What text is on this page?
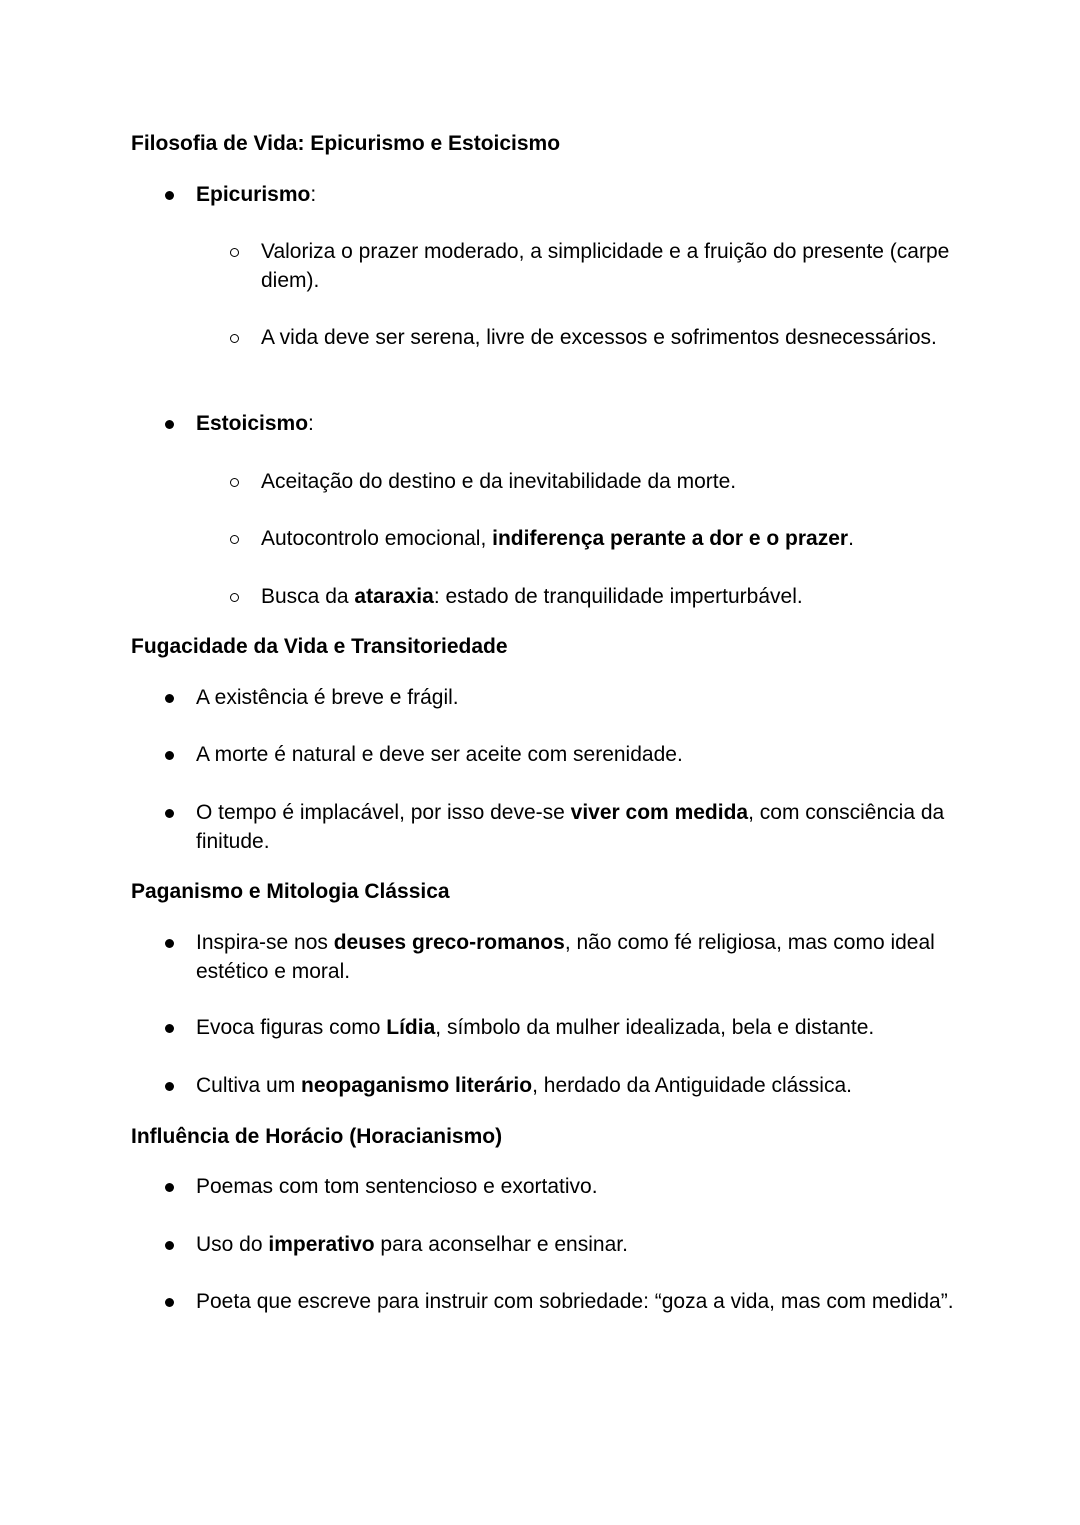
Filosofia de Vida: Epicurismo e Estoicismo

Epicurismo:

Valoriza o prazer moderado, a simplicidade e a fruição do presente (carpe diem).

A vida deve ser serena, livre de excessos e sofrimentos desnecessários.

Estoicismo:

Aceitação do destino e da inevitabilidade da morte.

Autocontrolo emocional, indiferença perante a dor e o prazer.

Busca da ataraxia: estado de tranquilidade imperturbável.

Fugacidade da Vida e Transitoriedade

A existência é breve e frágil.

A morte é natural e deve ser aceite com serenidade.

O tempo é implacável, por isso deve-se viver com medida, com consciência da finitude.

Paganismo e Mitologia Clássica

Inspira-se nos deuses greco-romanos, não como fé religiosa, mas como ideal estético e moral.

Evoca figuras como Lídia, símbolo da mulher idealizada, bela e distante.

Cultiva um neopaganismo literário, herdado da Antiguidade clássica.

Influência de Horácio (Horacianismo)

Poemas com tom sentencioso e exortativo.

Uso do imperativo para aconselhar e ensinar.

Poeta que escreve para instruir com sobriedade: “goza a vida, mas com medida”.
